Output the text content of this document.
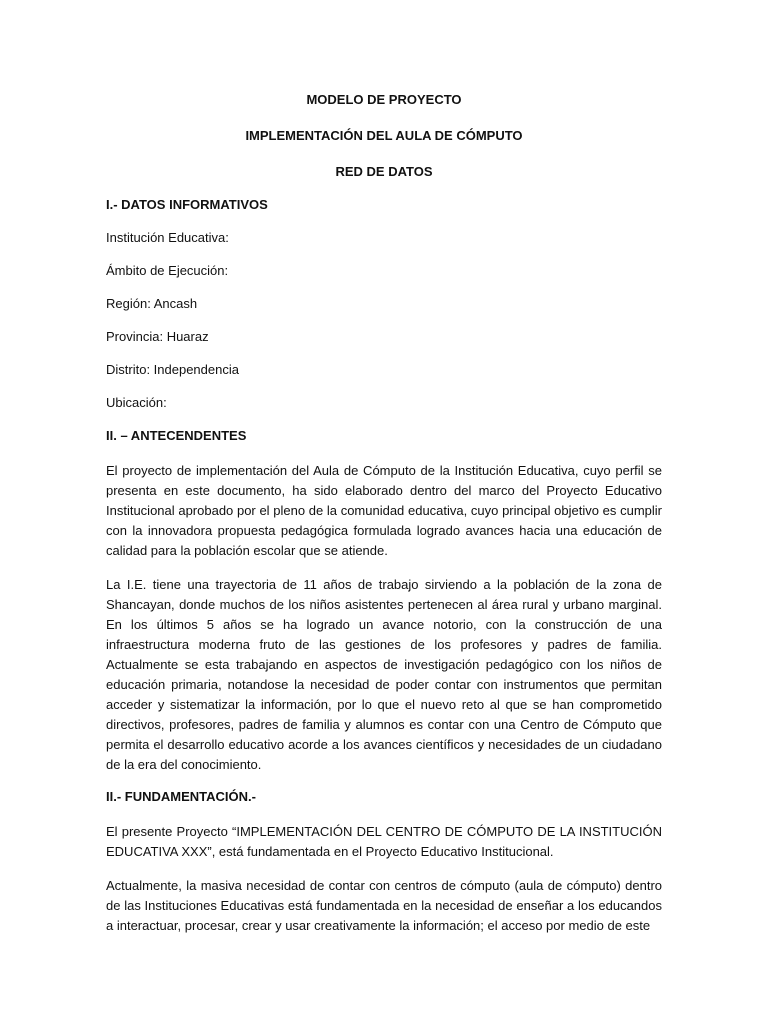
MODELO DE PROYECTO
IMPLEMENTACIÓN DEL AULA DE CÓMPUTO
RED DE DATOS
I.- DATOS INFORMATIVOS
Institución Educativa:
Ámbito de Ejecución:
Región: Ancash
Provincia: Huaraz
Distrito: Independencia
Ubicación:
II. – ANTECENDENTES

El proyecto de implementación del Aula de Cómputo de la Institución Educativa, cuyo perfil se presenta en este documento, ha sido elaborado dentro del marco del Proyecto Educativo Institucional aprobado por el pleno de la comunidad educativa, cuyo principal objetivo es cumplir con la innovadora propuesta pedagógica formulada logrado avances hacia una educación de calidad para la población escolar que se atiende.

La I.E. tiene una trayectoria de 11 años de trabajo sirviendo a la población de la zona de Shancayan, donde muchos de los niños asistentes pertenecen al área rural y urbano marginal. En los últimos 5 años se ha logrado un avance notorio, con la construcción de una infraestructura moderna fruto de las gestiones de los profesores y padres de familia. Actualmente se esta trabajando en aspectos de investigación pedagógico con los niños de educación primaria, notandose la necesidad de poder contar con instrumentos que permitan acceder y sistematizar la información, por lo que el nuevo reto al que se han comprometido directivos, profesores, padres de familia y alumnos es contar con una Centro de Cómputo que permita el desarrollo educativo acorde a los avances científicos y necesidades de un ciudadano de la era del conocimiento.

II.- FUNDAMENTACIÓN.-

El presente Proyecto “IMPLEMENTACIÓN DEL CENTRO DE CÓMPUTO DE LA INSTITUCIÓN EDUCATIVA XXX”, está fundamentada en el Proyecto Educativo Institucional.

Actualmente, la masiva necesidad de contar con centros de cómputo (aula de cómputo) dentro de las Instituciones Educativas está fundamentada en la necesidad de enseñar a los educandos a interactuar, procesar, crear y usar creativamente la información; el acceso por medio de este
